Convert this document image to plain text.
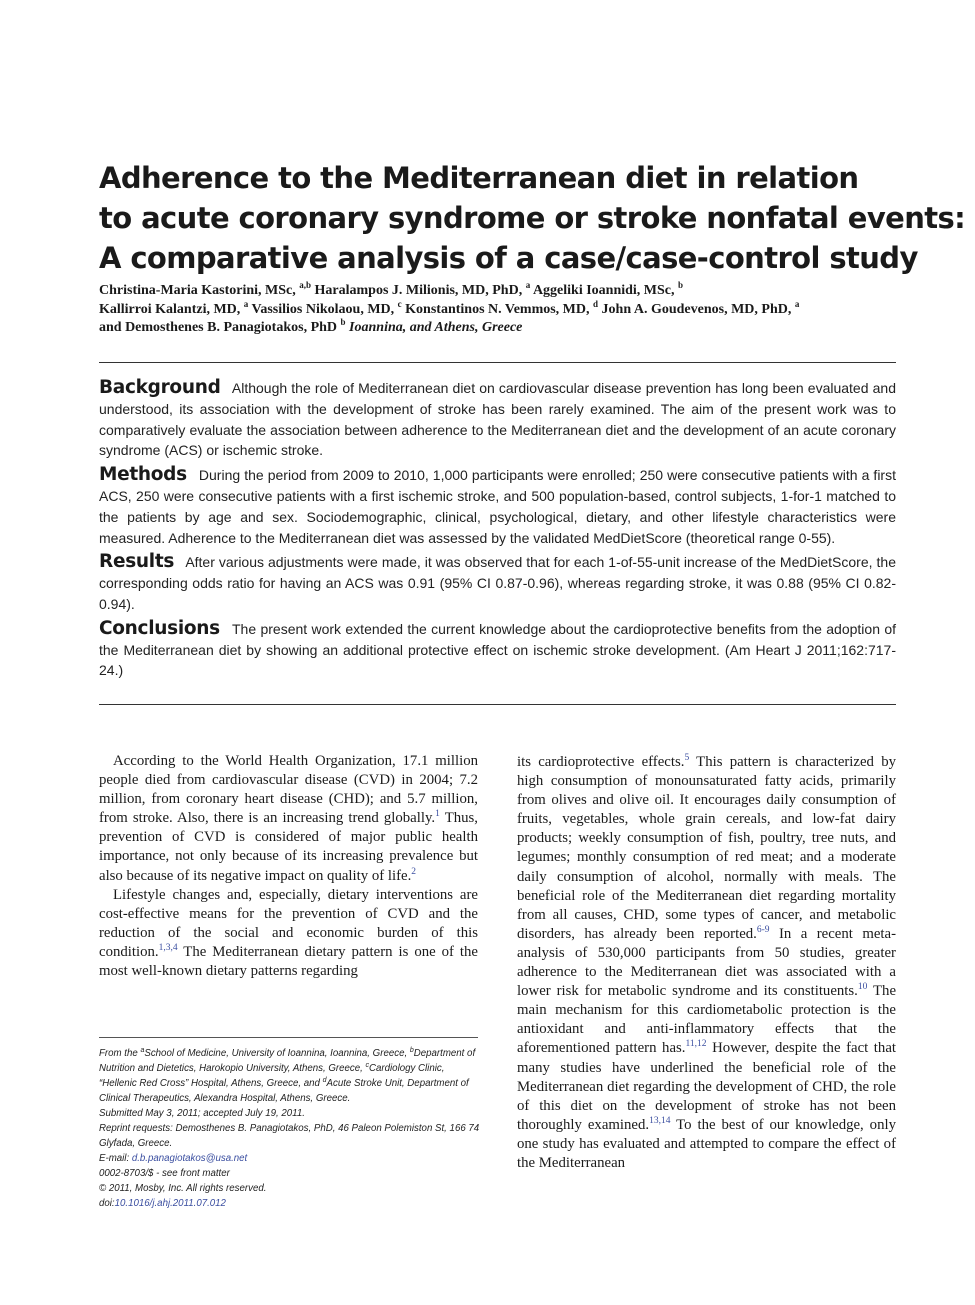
Adherence to the Mediterranean diet in relation
to acute coronary syndrome or stroke nonfatal events:
A comparative analysis of a case/case-control study
Christina-Maria Kastorini, MSc, $^{a,b}$ Haralampos J. Milionis, MD, PhD, $^a$ Aggeliki Ioannidi, MSc, $^b$
Kallirroi Kalantzi, MD, $^a$ Vassilios Nikolaou, MD, $^c$ Konstantinos N. Vemmos, MD, $^d$ John A. Goudevenos, MD, PhD, $^a$
and Demosthenes B. Panagiotakos, PhD $^b$ Ioannina, and Athens, Greece

Background Although the role of Mediterranean diet on cardiovascular disease prevention has long been evaluated and understood, its association with the development of stroke has been rarely examined. The aim of the present work was to comparatively evaluate the association between adherence to the Mediterranean diet and the development of an acute coronary syndrome (ACS) or ischemic stroke.

Methods During the period from 2009 to 2010, 1,000 participants were enrolled; 250 were consecutive patients with a first ACS, 250 were consecutive patients with a first ischemic stroke, and 500 population-based, control subjects, 1-for-1 matched to the patients by age and sex. Sociodemographic, clinical, psychological, dietary, and other lifestyle characteristics were measured. Adherence to the Mediterranean diet was assessed by the validated MedDietScore (theoretical range 0-55).

Results After various adjustments were made, it was observed that for each 1-of-55-unit increase of the MedDietScore, the corresponding odds ratio for having an ACS was 0.91 (95% CI 0.87-0.96), whereas regarding stroke, it was 0.88 (95% CI 0.82-0.94).

Conclusions The present work extended the current knowledge about the cardioprotective benefits from the adoption of the Mediterranean diet by showing an additional protective effect on ischemic stroke development. (Am Heart J 2011;162:717-24.)

According to the World Health Organization, 17.1 million people died from cardiovascular disease (CVD) in 2004; 7.2 million, from coronary heart disease (CHD); and 5.7 million, from stroke. Also, there is an increasing trend globally.$^1$ Thus, prevention of CVD is considered of major public health importance, not only because of its increasing prevalence but also because of its negative impact on quality of life.$^2$

Lifestyle changes and, especially, dietary interventions are cost-effective means for the prevention of CVD and the reduction of the social and economic burden of this condition.$^{1,3,4}$ The Mediterranean dietary pattern is one of the most well-known dietary patterns regarding

From the $^a$School of Medicine, University of Ioannina, Ioannina, Greece, $^b$Department of
Nutrition and Dietetics, Harokopio University, Athens, Greece, $^c$Cardiology Clinic,
“Hellenic Red Cross” Hospital, Athens, Greece, and $^d$Acute Stroke Unit, Department of
Clinical Therapeutics, Alexandra Hospital, Athens, Greece.
Submitted May 3, 2011; accepted July 19, 2011.
Reprint requests: Demosthenes B. Panagiotakos, PhD, 46 Paleon Polemiston St, 166 74
Glyfada, Greece.
E-mail: d.b.panagiotakos@usa.net
0002-8703/$ - see front matter
© 2011, Mosby, Inc. All rights reserved.
doi:10.1016/j.ahj.2011.07.012

its cardioprotective effects.$^5$ This pattern is characterized by high consumption of monounsaturated fatty acids, primarily from olives and olive oil. It encourages daily consumption of fruits, vegetables, whole grain cereals, and low-fat dairy products; weekly consumption of fish, poultry, tree nuts, and legumes; monthly consumption of red meat; and a moderate daily consumption of alcohol, normally with meals. The beneficial role of the Mediterranean diet regarding mortality from all causes, CHD, some types of cancer, and metabolic disorders, has already been reported.$^{6-9}$ In a recent meta-analysis of 530,000 participants from 50 studies, greater adherence to the Mediterranean diet was associated with a lower risk for metabolic syndrome and its constituents.$^{10}$ The main mechanism for this cardiometabolic protection is the antioxidant and anti-inflammatory effects that the aforementioned pattern has.$^{11,12}$ However, despite the fact that many studies have underlined the beneficial role of the Mediterranean diet regarding the development of CHD, the role of this diet on the development of stroke has not been thoroughly examined.$^{13,14}$ To the best of our knowledge, only one study has evaluated and attempted to compare the effect of the Mediterranean
